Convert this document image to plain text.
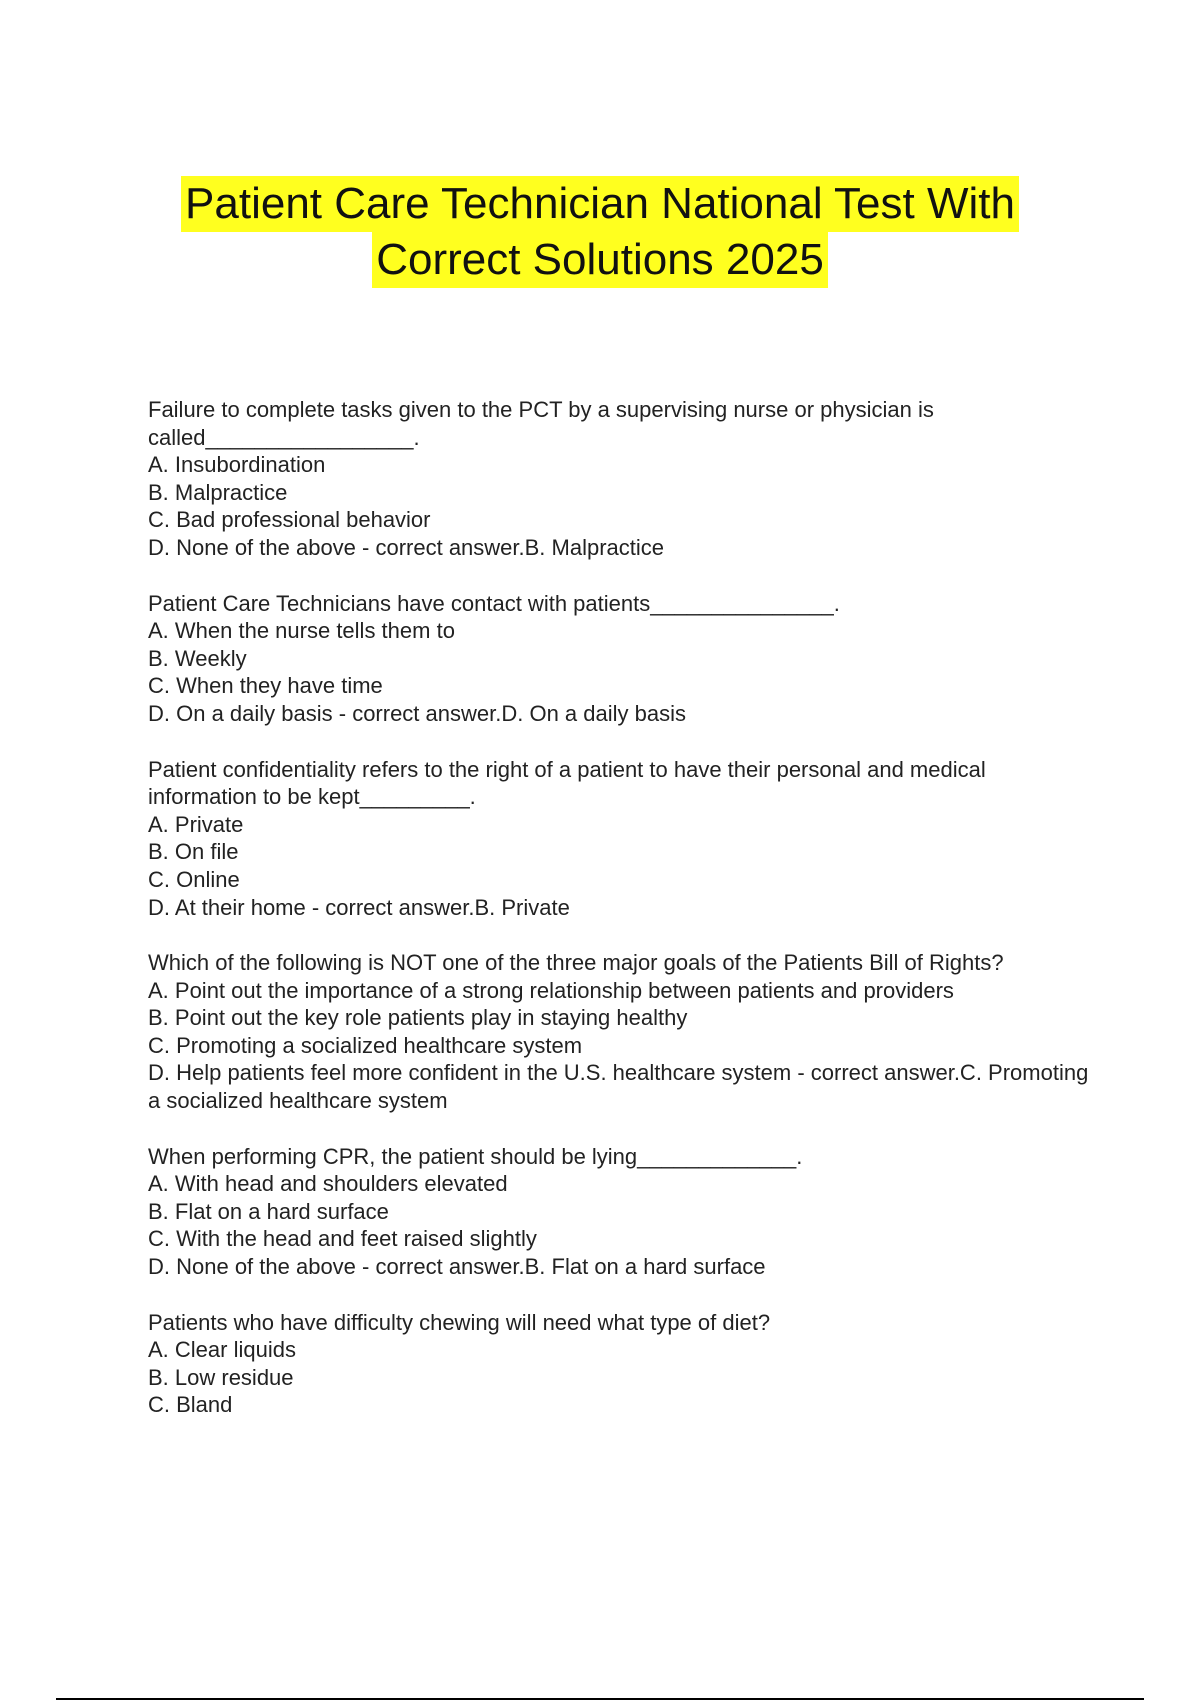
Patient Care Technician National Test With
Correct Solutions 2025

Failure to complete tasks given to the PCT by a supervising nurse or physician is called_________________.

A. Insubordination

B. Malpractice

C. Bad professional behavior

D. None of the above - correct answer.B. Malpractice

Patient Care Technicians have contact with patients_______________.

A. When the nurse tells them to

B. Weekly

C. When they have time

D. On a daily basis - correct answer.D. On a daily basis

Patient confidentiality refers to the right of a patient to have their personal and medical information to be kept_________.

A. Private

B. On file

C. Online

D. At their home - correct answer.B. Private

Which of the following is NOT one of the three major goals of the Patients Bill of Rights?

A. Point out the importance of a strong relationship between patients and providers

B. Point out the key role patients play in staying healthy

C. Promoting a socialized healthcare system

D. Help patients feel more confident in the U.S. healthcare system - correct answer.C. Promoting a socialized healthcare system

When performing CPR, the patient should be lying_____________.

A. With head and shoulders elevated

B. Flat on a hard surface

C. With the head and feet raised slightly

D. None of the above - correct answer.B. Flat on a hard surface

Patients who have difficulty chewing will need what type of diet?

A. Clear liquids

B. Low residue

C. Bland
